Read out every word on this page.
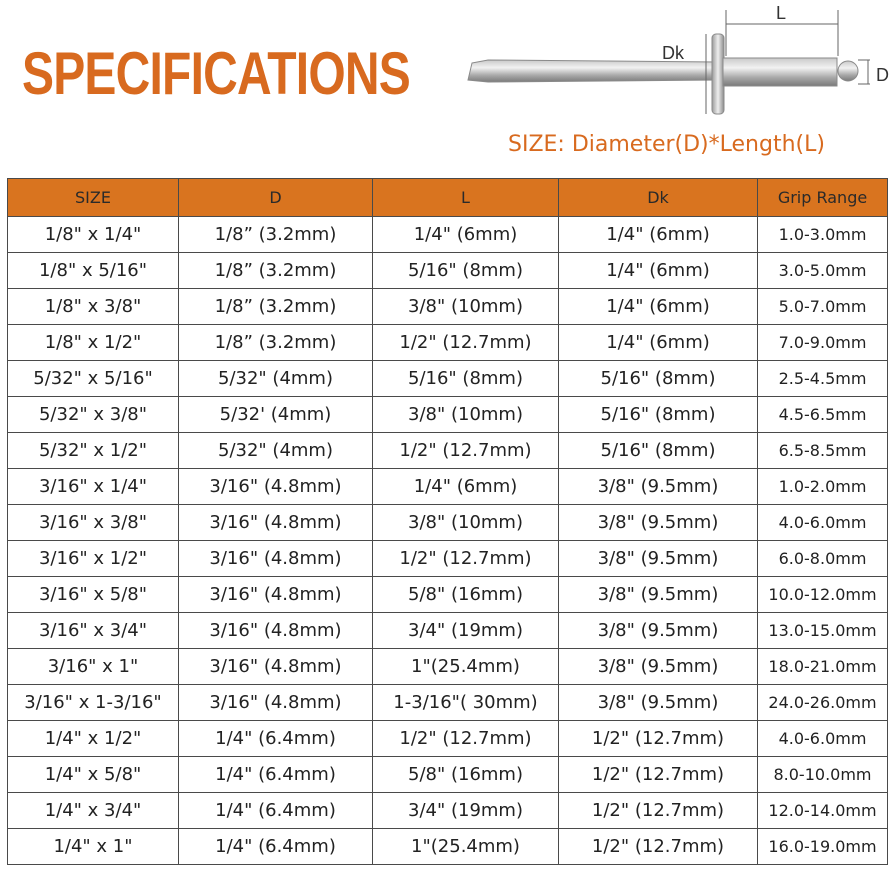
SPECIFICATIONS
L
Dk
D
SIZE: Diameter(D)*Length(L)
SIZE	D	L	Dk	Grip Range
1/8" x 1/4"	1/8” (3.2mm)	1/4" (6mm)	1/4" (6mm)	1.0-3.0mm
1/8" x 5/16"	1/8” (3.2mm)	5/16" (8mm)	1/4" (6mm)	3.0-5.0mm
1/8" x 3/8"	1/8” (3.2mm)	3/8" (10mm)	1/4" (6mm)	5.0-7.0mm
1/8" x 1/2"	1/8” (3.2mm)	1/2" (12.7mm)	1/4" (6mm)	7.0-9.0mm
5/32" x 5/16"	5/32" (4mm)	5/16" (8mm)	5/16" (8mm)	2.5-4.5mm
5/32" x 3/8"	5/32' (4mm)	3/8" (10mm)	5/16" (8mm)	4.5-6.5mm
5/32" x 1/2"	5/32" (4mm)	1/2" (12.7mm)	5/16" (8mm)	6.5-8.5mm
3/16" x 1/4"	3/16" (4.8mm)	1/4" (6mm)	3/8" (9.5mm)	1.0-2.0mm
3/16" x 3/8"	3/16" (4.8mm)	3/8" (10mm)	3/8" (9.5mm)	4.0-6.0mm
3/16" x 1/2"	3/16" (4.8mm)	1/2" (12.7mm)	3/8" (9.5mm)	6.0-8.0mm
3/16" x 5/8"	3/16" (4.8mm)	5/8" (16mm)	3/8" (9.5mm)	10.0-12.0mm
3/16" x 3/4"	3/16" (4.8mm)	3/4" (19mm)	3/8" (9.5mm)	13.0-15.0mm
3/16" x 1"	3/16" (4.8mm)	1"(25.4mm)	3/8" (9.5mm)	18.0-21.0mm
3/16" x 1-3/16"	3/16" (4.8mm)	1-3/16"( 30mm)	3/8" (9.5mm)	24.0-26.0mm
1/4" x 1/2"	1/4" (6.4mm)	1/2" (12.7mm)	1/2" (12.7mm)	4.0-6.0mm
1/4" x 5/8"	1/4" (6.4mm)	5/8" (16mm)	1/2" (12.7mm)	8.0-10.0mm
1/4" x 3/4"	1/4" (6.4mm)	3/4" (19mm)	1/2" (12.7mm)	12.0-14.0mm
1/4" x 1"	1/4" (6.4mm)	1"(25.4mm)	1/2" (12.7mm)	16.0-19.0mm
